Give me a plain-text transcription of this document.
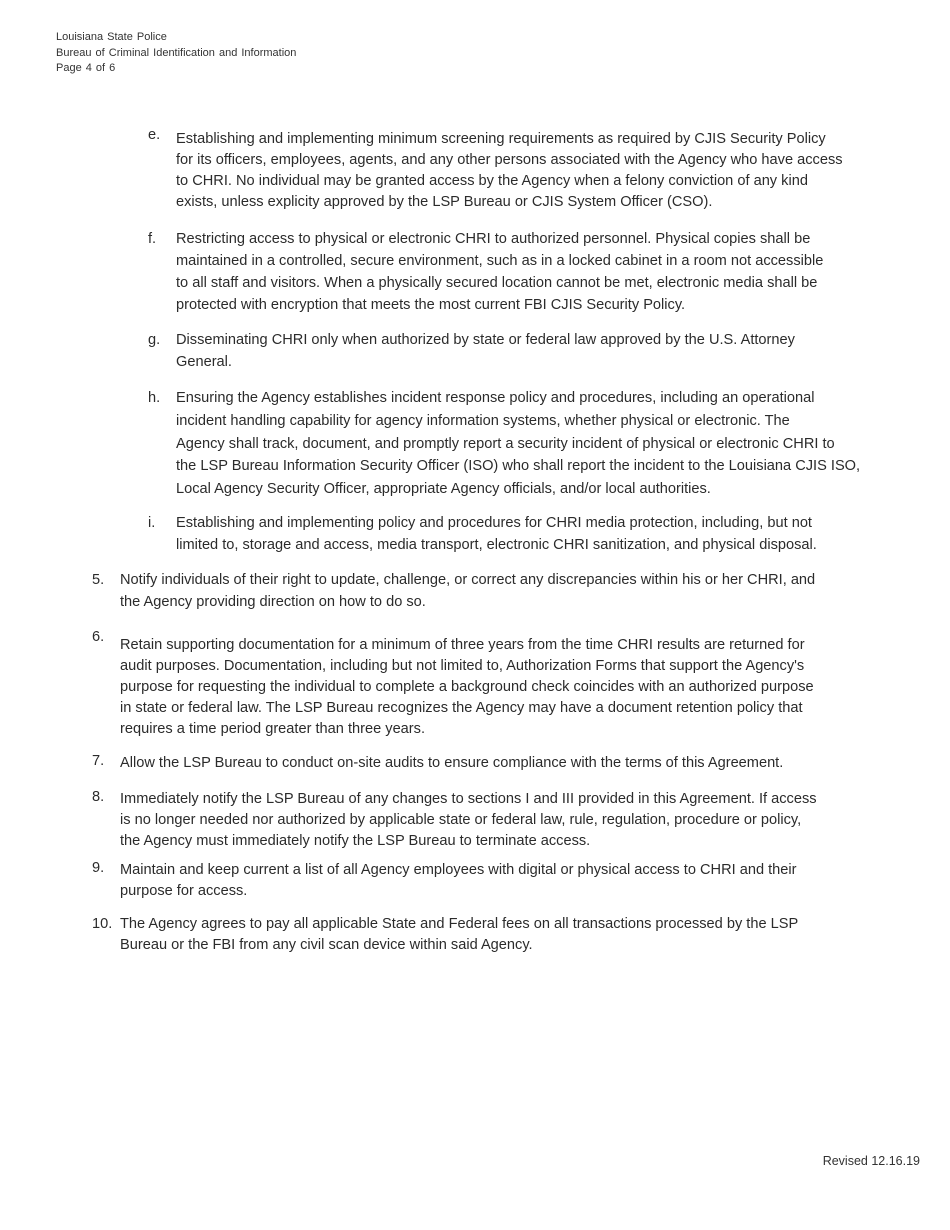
Louisiana State Police
Bureau of Criminal Identification and Information
Page 4 of 6
e. Establishing and implementing minimum screening requirements as required by CJIS Security Policy
for its officers, employees, agents, and any other persons associated with the Agency who have access
to CHRI. No individual may be granted access by the Agency when a felony conviction of any kind
exists, unless explicity approved by the LSP Bureau or CJIS System Officer (CSO).
f. Restricting access to physical or electronic CHRI to authorized personnel. Physical copies shall be
maintained in a controlled, secure environment, such as in a locked cabinet in a room not accessible
to all staff and visitors. When a physically secured location cannot be met, electronic media shall be
protected with encryption that meets the most current FBI CJIS Security Policy.
g. Disseminating CHRI only when authorized by state or federal law approved by the U.S. Attorney
General.
h. Ensuring the Agency establishes incident response policy and procedures, including an operational
incident handling capability for agency information systems, whether physical or electronic. The
Agency shall track, document, and promptly report a security incident of physical or electronic CHRI to
the LSP Bureau Information Security Officer (ISO) who shall report the incident to the Louisiana CJIS ISO,
Local Agency Security Officer, appropriate Agency officials, and/or local authorities.
i. Establishing and implementing policy and procedures for CHRI media protection, including, but not
limited to, storage and access, media transport, electronic CHRI sanitization, and physical disposal.
5. Notify individuals of their right to update, challenge, or correct any discrepancies within his or her CHRI, and
the Agency providing direction on how to do so.
6. Retain supporting documentation for a minimum of three years from the time CHRI results are returned for
audit purposes. Documentation, including but not limited to, Authorization Forms that support the Agency's
purpose for requesting the individual to complete a background check coincides with an authorized purpose
in state or federal law. The LSP Bureau recognizes the Agency may have a document retention policy that
requires a time period greater than three years.
7. Allow the LSP Bureau to conduct on-site audits to ensure compliance with the terms of this Agreement.
8. Immediately notify the LSP Bureau of any changes to sections I and III provided in this Agreement. If access
is no longer needed nor authorized by applicable state or federal law, rule, regulation, procedure or policy,
the Agency must immediately notify the LSP Bureau to terminate access.
9. Maintain and keep current a list of all Agency employees with digital or physical access to CHRI and their
purpose for access.
10. The Agency agrees to pay all applicable State and Federal fees on all transactions processed by the LSP
Bureau or the FBI from any civil scan device within said Agency.
Revised 12.16.19
